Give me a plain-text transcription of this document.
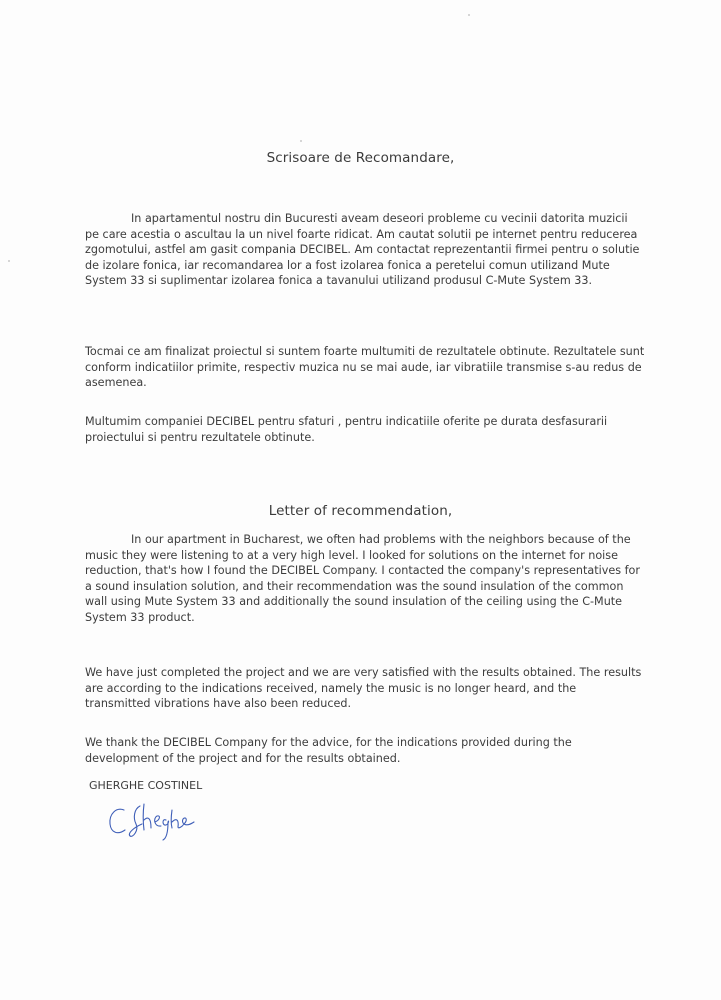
Scrisoare de Recomandare,

In apartamentul nostru din Bucuresti aveam deseori probleme cu vecinii datorita muzicii pe care acestia o ascultau la un nivel foarte ridicat. Am cautat solutii pe internet pentru reducerea zgomotului, astfel am gasit compania DECIBEL. Am contactat reprezentantii firmei pentru o solutie de izolare fonica, iar recomandarea lor a fost izolarea fonica a peretelui comun utilizand Mute System 33 si suplimentar izolarea fonica a tavanului utilizand produsul C-Mute System 33.

Tocmai ce am finalizat proiectul si suntem foarte multumiti de rezultatele obtinute. Rezultatele sunt conform indicatiilor primite, respectiv muzica nu se mai aude, iar vibratiile transmise s-au redus de asemenea.

Multumim companiei DECIBEL pentru sfaturi , pentru indicatiile oferite pe durata desfasurarii proiectului si pentru rezultatele obtinute.

Letter of recommendation,

In our apartment in Bucharest, we often had problems with the neighbors because of the music they were listening to at a very high level. I looked for solutions on the internet for noise reduction, that's how I found the DECIBEL Company. I contacted the company's representatives for a sound insulation solution, and their recommendation was the sound insulation of the common wall using Mute System 33 and additionally the sound insulation of the ceiling using the C-Mute System 33 product.

We have just completed the project and we are very satisfied with the results obtained. The results are according to the indications received, namely the music is no longer heard, and the transmitted vibrations have also been reduced.

We thank the DECIBEL Company for the advice, for the indications provided during the development of the project and for the results obtained.

GHERGHE COSTINEL
